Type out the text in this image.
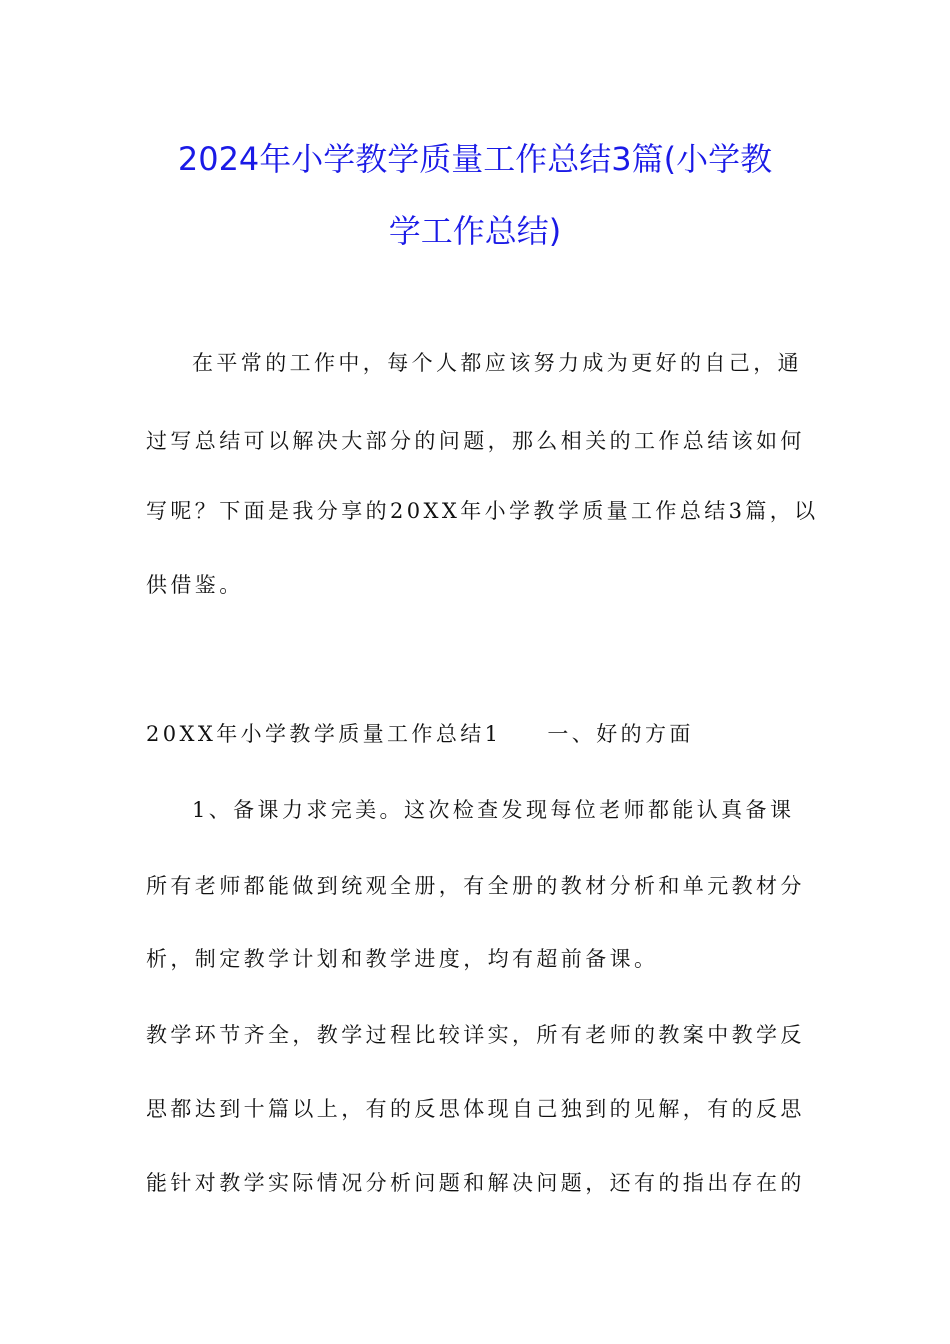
2024年小学教学质量工作总结3篇(小学教
学工作总结)
在平常的工作中，每个人都应该努力成为更好的自己，通
过写总结可以解决大部分的问题，那么相关的工作总结该如何
写呢？下面是我分享的20XX年小学教学质量工作总结3篇，以
供借鉴。
20XX年小学教学质量工作总结1 一、好的方面
1、备课力求完美。这次检查发现每位老师都能认真备课
所有老师都能做到统观全册，有全册的教材分析和单元教材分
析，制定教学计划和教学进度，均有超前备课。
教学环节齐全，教学过程比较详实，所有老师的教案中教学反
思都达到十篇以上，有的反思体现自己独到的见解，有的反思
能针对教学实际情况分析问题和解决问题，还有的指出存在的
